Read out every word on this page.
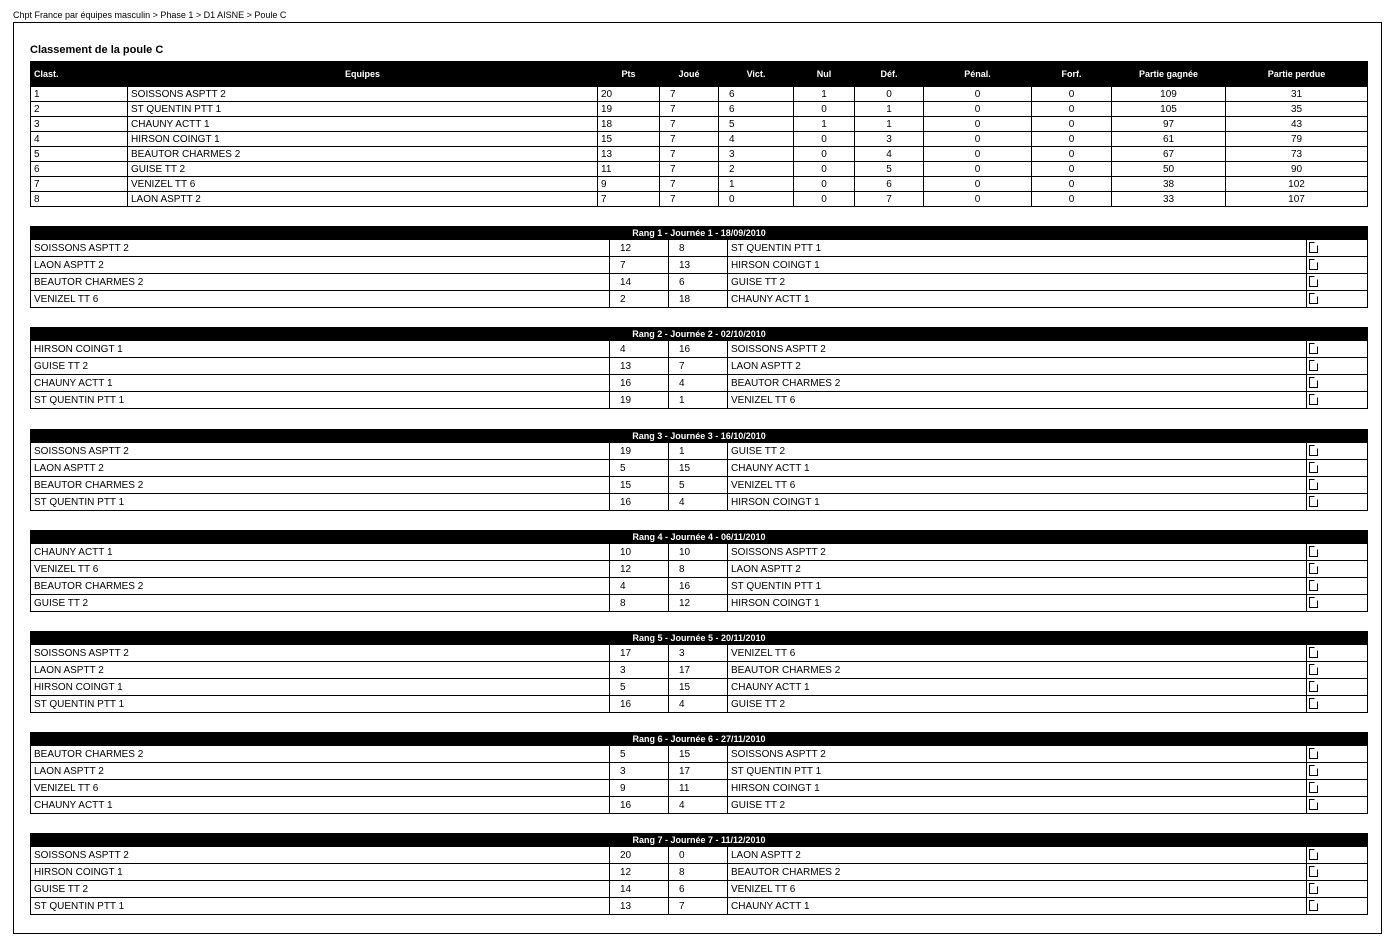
Chpt France par équipes masculin > Phase 1 > D1 AISNE > Poule C
Classement de la poule C
Clast.	Equipes	Pts	Joué	Vict.	Nul	Déf.	Pénal.	Forf.	Partie gagnée	Partie perdue
1	SOISSONS ASPTT 2	20	7	6	1	0	0	0	109	31
2	ST QUENTIN PTT 1	19	7	6	0	1	0	0	105	35
3	CHAUNY ACTT 1	18	7	5	1	1	0	0	97	43
4	HIRSON COINGT 1	15	7	4	0	3	0	0	61	79
5	BEAUTOR CHARMES 2	13	7	3	0	4	0	0	67	73
6	GUISE TT 2	11	7	2	0	5	0	0	50	90
7	VENIZEL TT 6	9	7	1	0	6	0	0	38	102
8	LAON ASPTT 2	7	7	0	0	7	0	0	33	107
Rang 1 - Journée 1 - 18/09/2010				
SOISSONS ASPTT 2	12	8	ST QUENTIN PTT 1	
LAON ASPTT 2	7	13	HIRSON COINGT 1	
BEAUTOR CHARMES 2	14	6	GUISE TT 2	
VENIZEL TT 6	2	18	CHAUNY ACTT 1	
Rang 2 - Journée 2 - 02/10/2010				
HIRSON COINGT 1	4	16	SOISSONS ASPTT 2	
GUISE TT 2	13	7	LAON ASPTT 2	
CHAUNY ACTT 1	16	4	BEAUTOR CHARMES 2	
ST QUENTIN PTT 1	19	1	VENIZEL TT 6	
Rang 3 - Journée 3 - 16/10/2010				
SOISSONS ASPTT 2	19	1	GUISE TT 2	
LAON ASPTT 2	5	15	CHAUNY ACTT 1	
BEAUTOR CHARMES 2	15	5	VENIZEL TT 6	
ST QUENTIN PTT 1	16	4	HIRSON COINGT 1	
Rang 4 - Journée 4 - 06/11/2010				
CHAUNY ACTT 1	10	10	SOISSONS ASPTT 2	
VENIZEL TT 6	12	8	LAON ASPTT 2	
BEAUTOR CHARMES 2	4	16	ST QUENTIN PTT 1	
GUISE TT 2	8	12	HIRSON COINGT 1	
Rang 5 - Journée 5 - 20/11/2010				
SOISSONS ASPTT 2	17	3	VENIZEL TT 6	
LAON ASPTT 2	3	17	BEAUTOR CHARMES 2	
HIRSON COINGT 1	5	15	CHAUNY ACTT 1	
ST QUENTIN PTT 1	16	4	GUISE TT 2	
Rang 6 - Journée 6 - 27/11/2010				
BEAUTOR CHARMES 2	5	15	SOISSONS ASPTT 2	
LAON ASPTT 2	3	17	ST QUENTIN PTT 1	
VENIZEL TT 6	9	11	HIRSON COINGT 1	
CHAUNY ACTT 1	16	4	GUISE TT 2	
Rang 7 - Journée 7 - 11/12/2010				
SOISSONS ASPTT 2	20	0	LAON ASPTT 2	
HIRSON COINGT 1	12	8	BEAUTOR CHARMES 2	
GUISE TT 2	14	6	VENIZEL TT 6	
ST QUENTIN PTT 1	13	7	CHAUNY ACTT 1	
